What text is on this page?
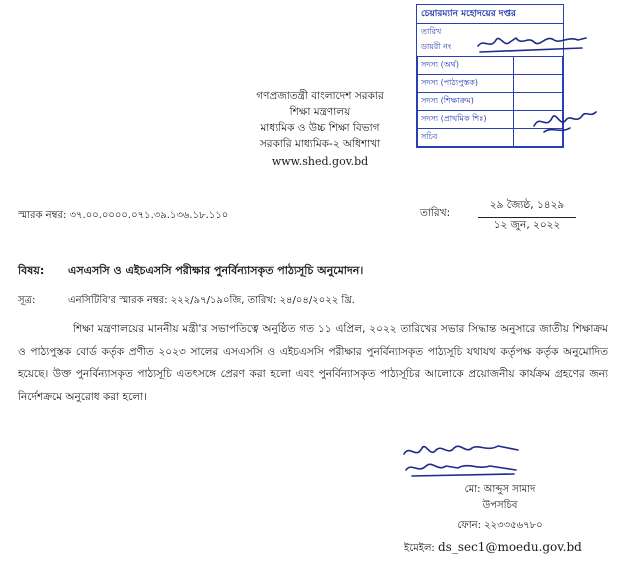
চেয়ারম্যান মহোদয়ের দপ্তর
তারিখ
ডায়রী নং
সদস্য (অর্থ)	
সদস্য (পাঠ্যপুস্তক)	
সদস্য (শিক্ষাক্রম)	
সদস্য (প্রাথমিক শিঃ)	
সচিব	
গণপ্রজাতন্ত্রী বাংলাদেশ সরকার
শিক্ষা মন্ত্রণালয়
মাধ্যমিক ও উচ্চ শিক্ষা বিভাগ
সরকারি মাধ্যমিক-২ অধিশাখা
www.shed.gov.bd
স্মারক নম্বর: ৩৭.০০.০০০০.০৭১.৩৯.১৩৬.১৮.১১০	তারিখ:
২৯ জ্যৈষ্ঠ, ১৪২৯
১২ জুন, ২০২২
বিষয়: এসএসসি ও এইচএসসি পরীক্ষার পুনর্বিন্যাসকৃত পাঠ্যসূচি অনুমোদন।
সূত্র:	এনসিটিবি'র স্মারক নম্বর: ২২২/৯৭/১৯০জি, তারিখ: ২৪/০৪/২০২২ খ্রি.
শিক্ষা মন্ত্রণালয়ের মাননীয় মন্ত্রী'র সভাপতিত্বে অনুষ্ঠিত গত ১১ এপ্রিল, ২০২২ তারিখের সভার সিদ্ধান্ত অনুসারে জাতীয় শিক্ষাক্রম ও পাঠ্যপুস্তক বোর্ড কর্তৃক প্রণীত ২০২৩ সালের এসএসসি ও এইচএসসি পরীক্ষার পুনর্বিন্যাসকৃত পাঠ্যসূচি যথাযথ কর্তৃপক্ষ কর্তৃক অনুমোদিত হয়েছে। উক্ত পুনর্বিন্যাসকৃত পাঠ্যসূচি এতৎসঙ্গে প্রেরণ করা হলো এবং পুনর্বিন্যাসকৃত পাঠ্যসূচির আলোকে প্রয়োজনীয় কার্যক্রম গ্রহণের জন্য নির্দেশক্রমে অনুরোধ করা হলো।
মো: আব্দুস সামাদ
উপসচিব
ফোন: ২২৩৩৫৬৭৮০
ইমেইল: ds_sec1@moedu.gov.bd
